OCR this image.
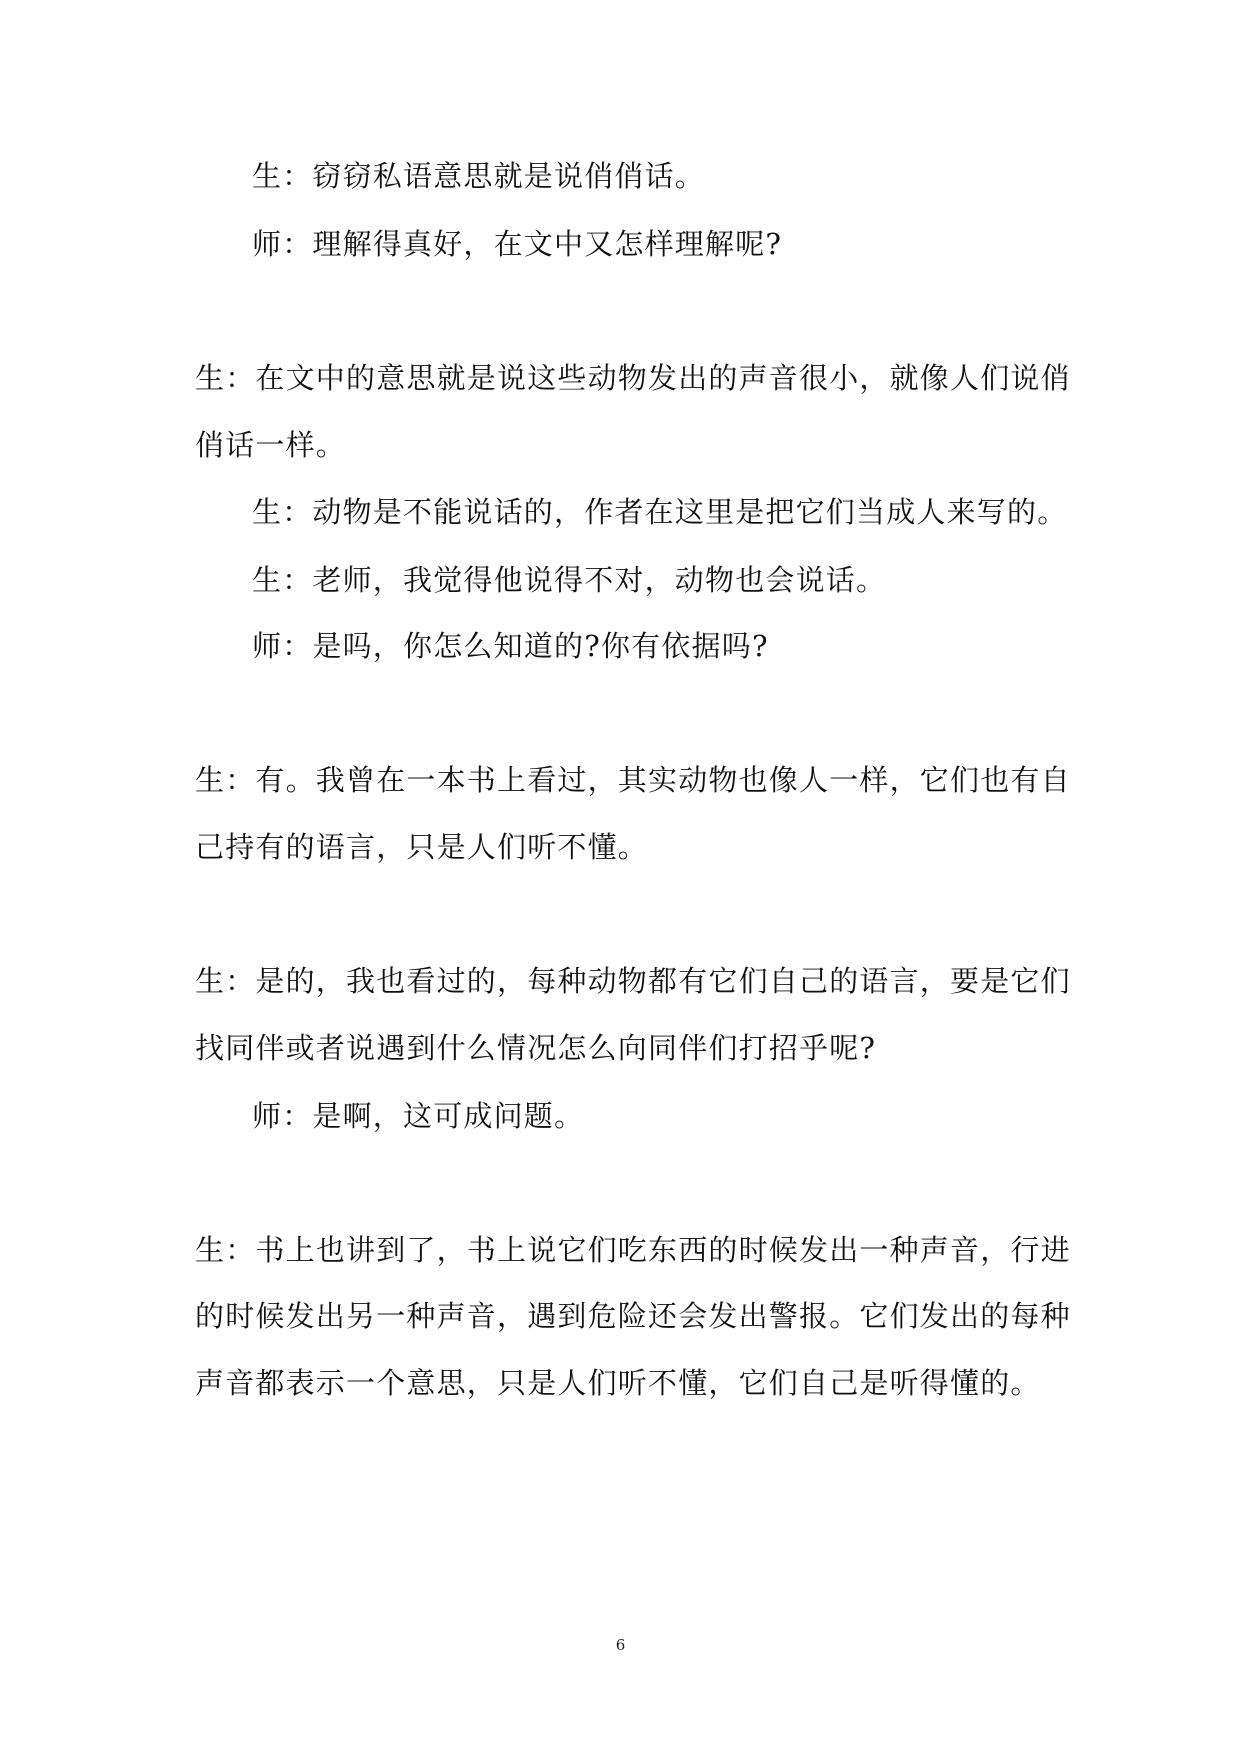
生：窃窃私语意思就是说俏俏话。
师：理解得真好，在文中又怎样理解呢?
生：在文中的意思就是说这些动物发出的声音很小，就像人们说俏
俏话一样。
生：动物是不能说话的，作者在这里是把它们当成人来写的。
生：老师，我觉得他说得不对，动物也会说话。
师：是吗，你怎么知道的?你有依据吗?
生：有。我曾在一本书上看过，其实动物也像人一样，它们也有自
己持有的语言，只是人们听不懂。
生：是的，我也看过的，每种动物都有它们自己的语言，要是它们
找同伴或者说遇到什么情况怎么向同伴们打招乎呢?
师：是啊，这可成问题。
生：书上也讲到了，书上说它们吃东西的时候发出一种声音，行进
的时候发出另一种声音，遇到危险还会发出警报。它们发出的每种
声音都表示一个意思，只是人们听不懂，它们自己是听得懂的。
6
